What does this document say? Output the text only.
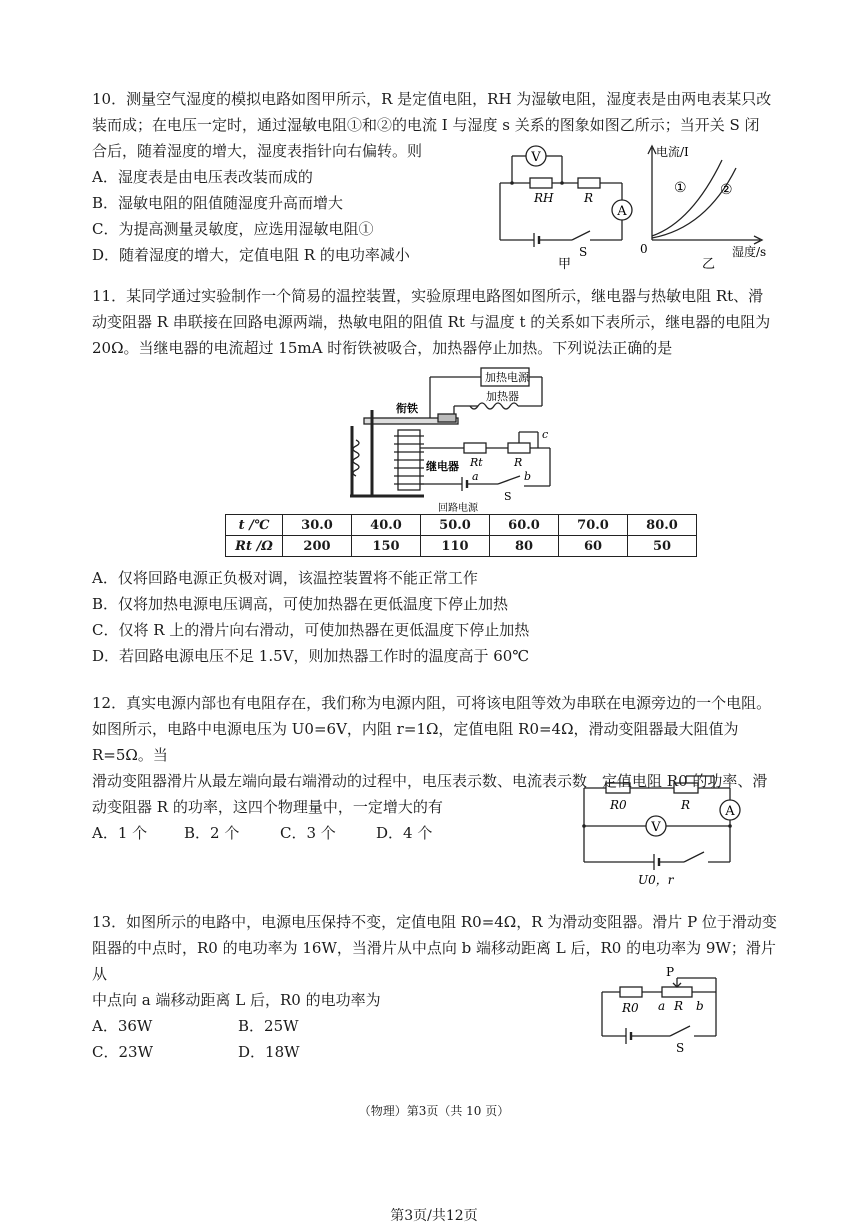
10．测量空气湿度的模拟电路如图甲所示，R 是定值电阻，RH 为湿敏电阻，湿度表是由两电表某只改

装而成；在电压一定时，通过湿敏电阻①和②的电流 I 与湿度 s 关系的图象如图乙所示；当开关 S 闭

合后，随着湿度的增大，湿度表指针向右偏转。则

A．湿度表是由电压表改装而成的

B．湿敏电阻的阻值随湿度升高而增大

C．为提高测量灵敏度，应选用湿敏电阻①

D．随着湿度的增大，定值电阻 R 的电功率减小

V
A
RH	R
S
甲
电流/I
湿度/s
0
① ②
乙

11．某同学通过实验制作一个简易的温控装置，实验原理电路图如图所示，继电器与热敏电阻 Rt、滑

动变阻器 R 串联接在回路电源两端，热敏电阻的阻值 Rt 与温度 t 的关系如下表所示，继电器的电阻为

20Ω。当继电器的电流超过 15mA 时衔铁被吸合，加热器停止加热。下列说法正确的是

加热电源
加热器
衔铁
继电器 Rt	R
c
a	b
S
回路电源
t /℃	30.0	40.0	50.0	60.0	70.0	80.0
Rt /Ω	200	150	110	80	60	50

A．仅将回路电源正负极对调，该温控装置将不能正常工作

B．仅将加热电源电压调高，可使加热器在更低温度下停止加热

C．仅将 R 上的滑片向右滑动，可使加热器在更低温度下停止加热

D．若回路电源电压不足 1.5V，则加热器工作时的温度高于 60℃

12．真实电源内部也有电阻存在，我们称为电源内阻，可将该电阻等效为串联在电源旁边的一个电阻。

如图所示，电路中电源电压为 U0=6V，内阻 r=1Ω，定值电阻 R0=4Ω，滑动变阻器最大阻值为 R=5Ω。当

滑动变阻器滑片从最左端向最右端滑动的过程中，电压表示数、电流表示数　定值电阻 R0 的功率、滑

动变阻器 R 的功率，这四个物理量中，一定增大的有

A．1 个 B．2 个	C．3 个	D．4 个

R0	R	A
V
U0，r

13．如图所示的电路中，电源电压保持不变，定值电阻 R0=4Ω，R 为滑动变阻器。滑片 P 位于滑动变

阻器的中点时，R0 的电功率为 16W，当滑片从中点向 b 端移动距离 L 后，R0 的电功率为 9W；滑片从

中点向 a 端移动距离 L 后，R0 的电功率为

A．36W	B．25W

C．23W	D．18W

P
R0 a R b
S
（物理）第3页（共 10 页）
第3页/共12页
